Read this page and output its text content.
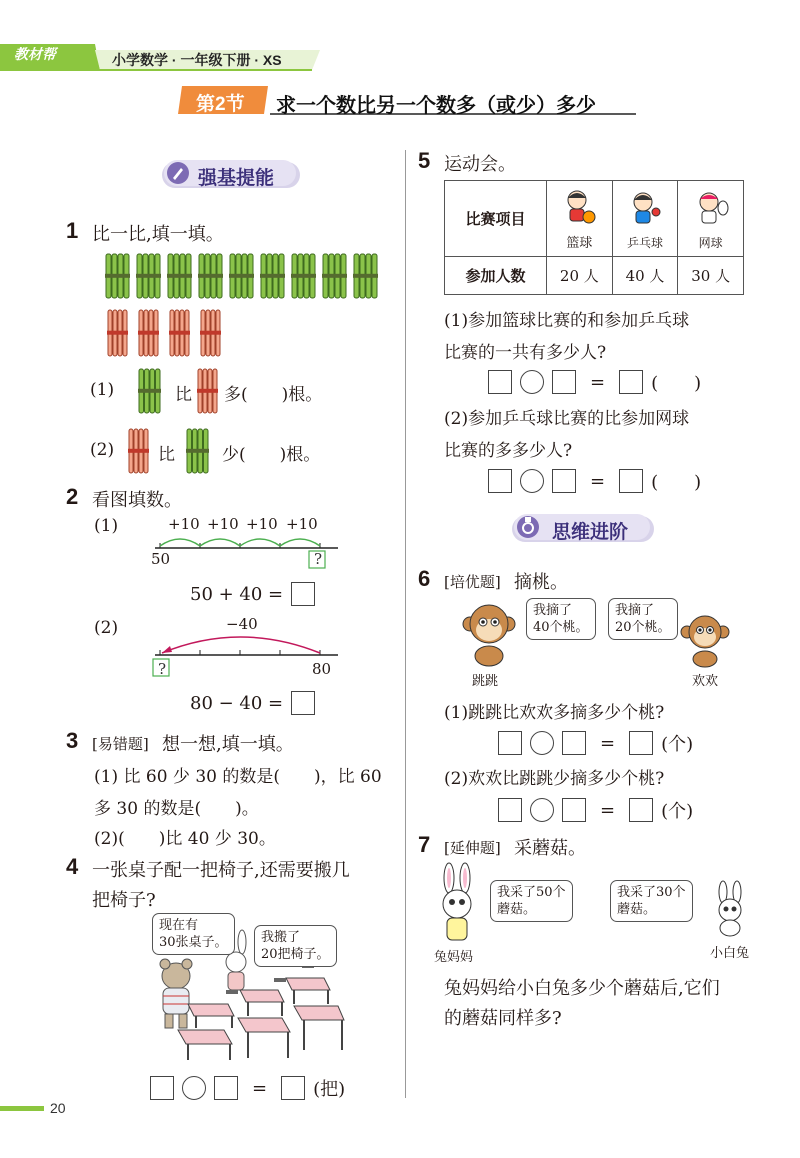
教材帮	小学数学 · 一年级下册 · XS
第2节 求一个数比另一个数多（或少）多少
强基提能
1 比一比,填一填。
(1)	比 多(　　)根。
(2)	比	少(　　)根。
2 看图填数。
(1)	+10 +10 +10 +10
50	?
50 + 40 =
(2)	−40
?	80
80 − 40 =
3 [易错题] 想一想,填一填。
(1) 比 60 少 30 的数是(　　)，比 60
多 30 的数是(　　)。
(2)(　　)比 40 少 30。
4 一张桌子配一把椅子,还需要搬几
把椅子?
现在有
30张桌子。	我搬了
20把椅子。
=	(把)
5 运动会。
比赛项目	篮球	乒乓球	网球

参加人数	20 人	40 人	30 人
(1)参加篮球比赛的和参加乒乓球
比赛的一共有多少人?
=	(　　)
(2)参加乒乓球比赛的比参加网球
比赛的多多少人?
=	(　　)
思维进阶
6 [培优题] 摘桃。
我摘了
40个桃。
我摘了
20个桃。
跳跳	欢欢
(1)跳跳比欢欢多摘多少个桃?
=	(个)
(2)欢欢比跳跳少摘多少个桃?
=	(个)
7 [延伸题] 采蘑菇。
我采了50个
蘑菇。
我采了30个
蘑菇。
兔妈妈	小白兔
兔妈妈给小白兔多少个蘑菇后,它们
的蘑菇同样多?
20
